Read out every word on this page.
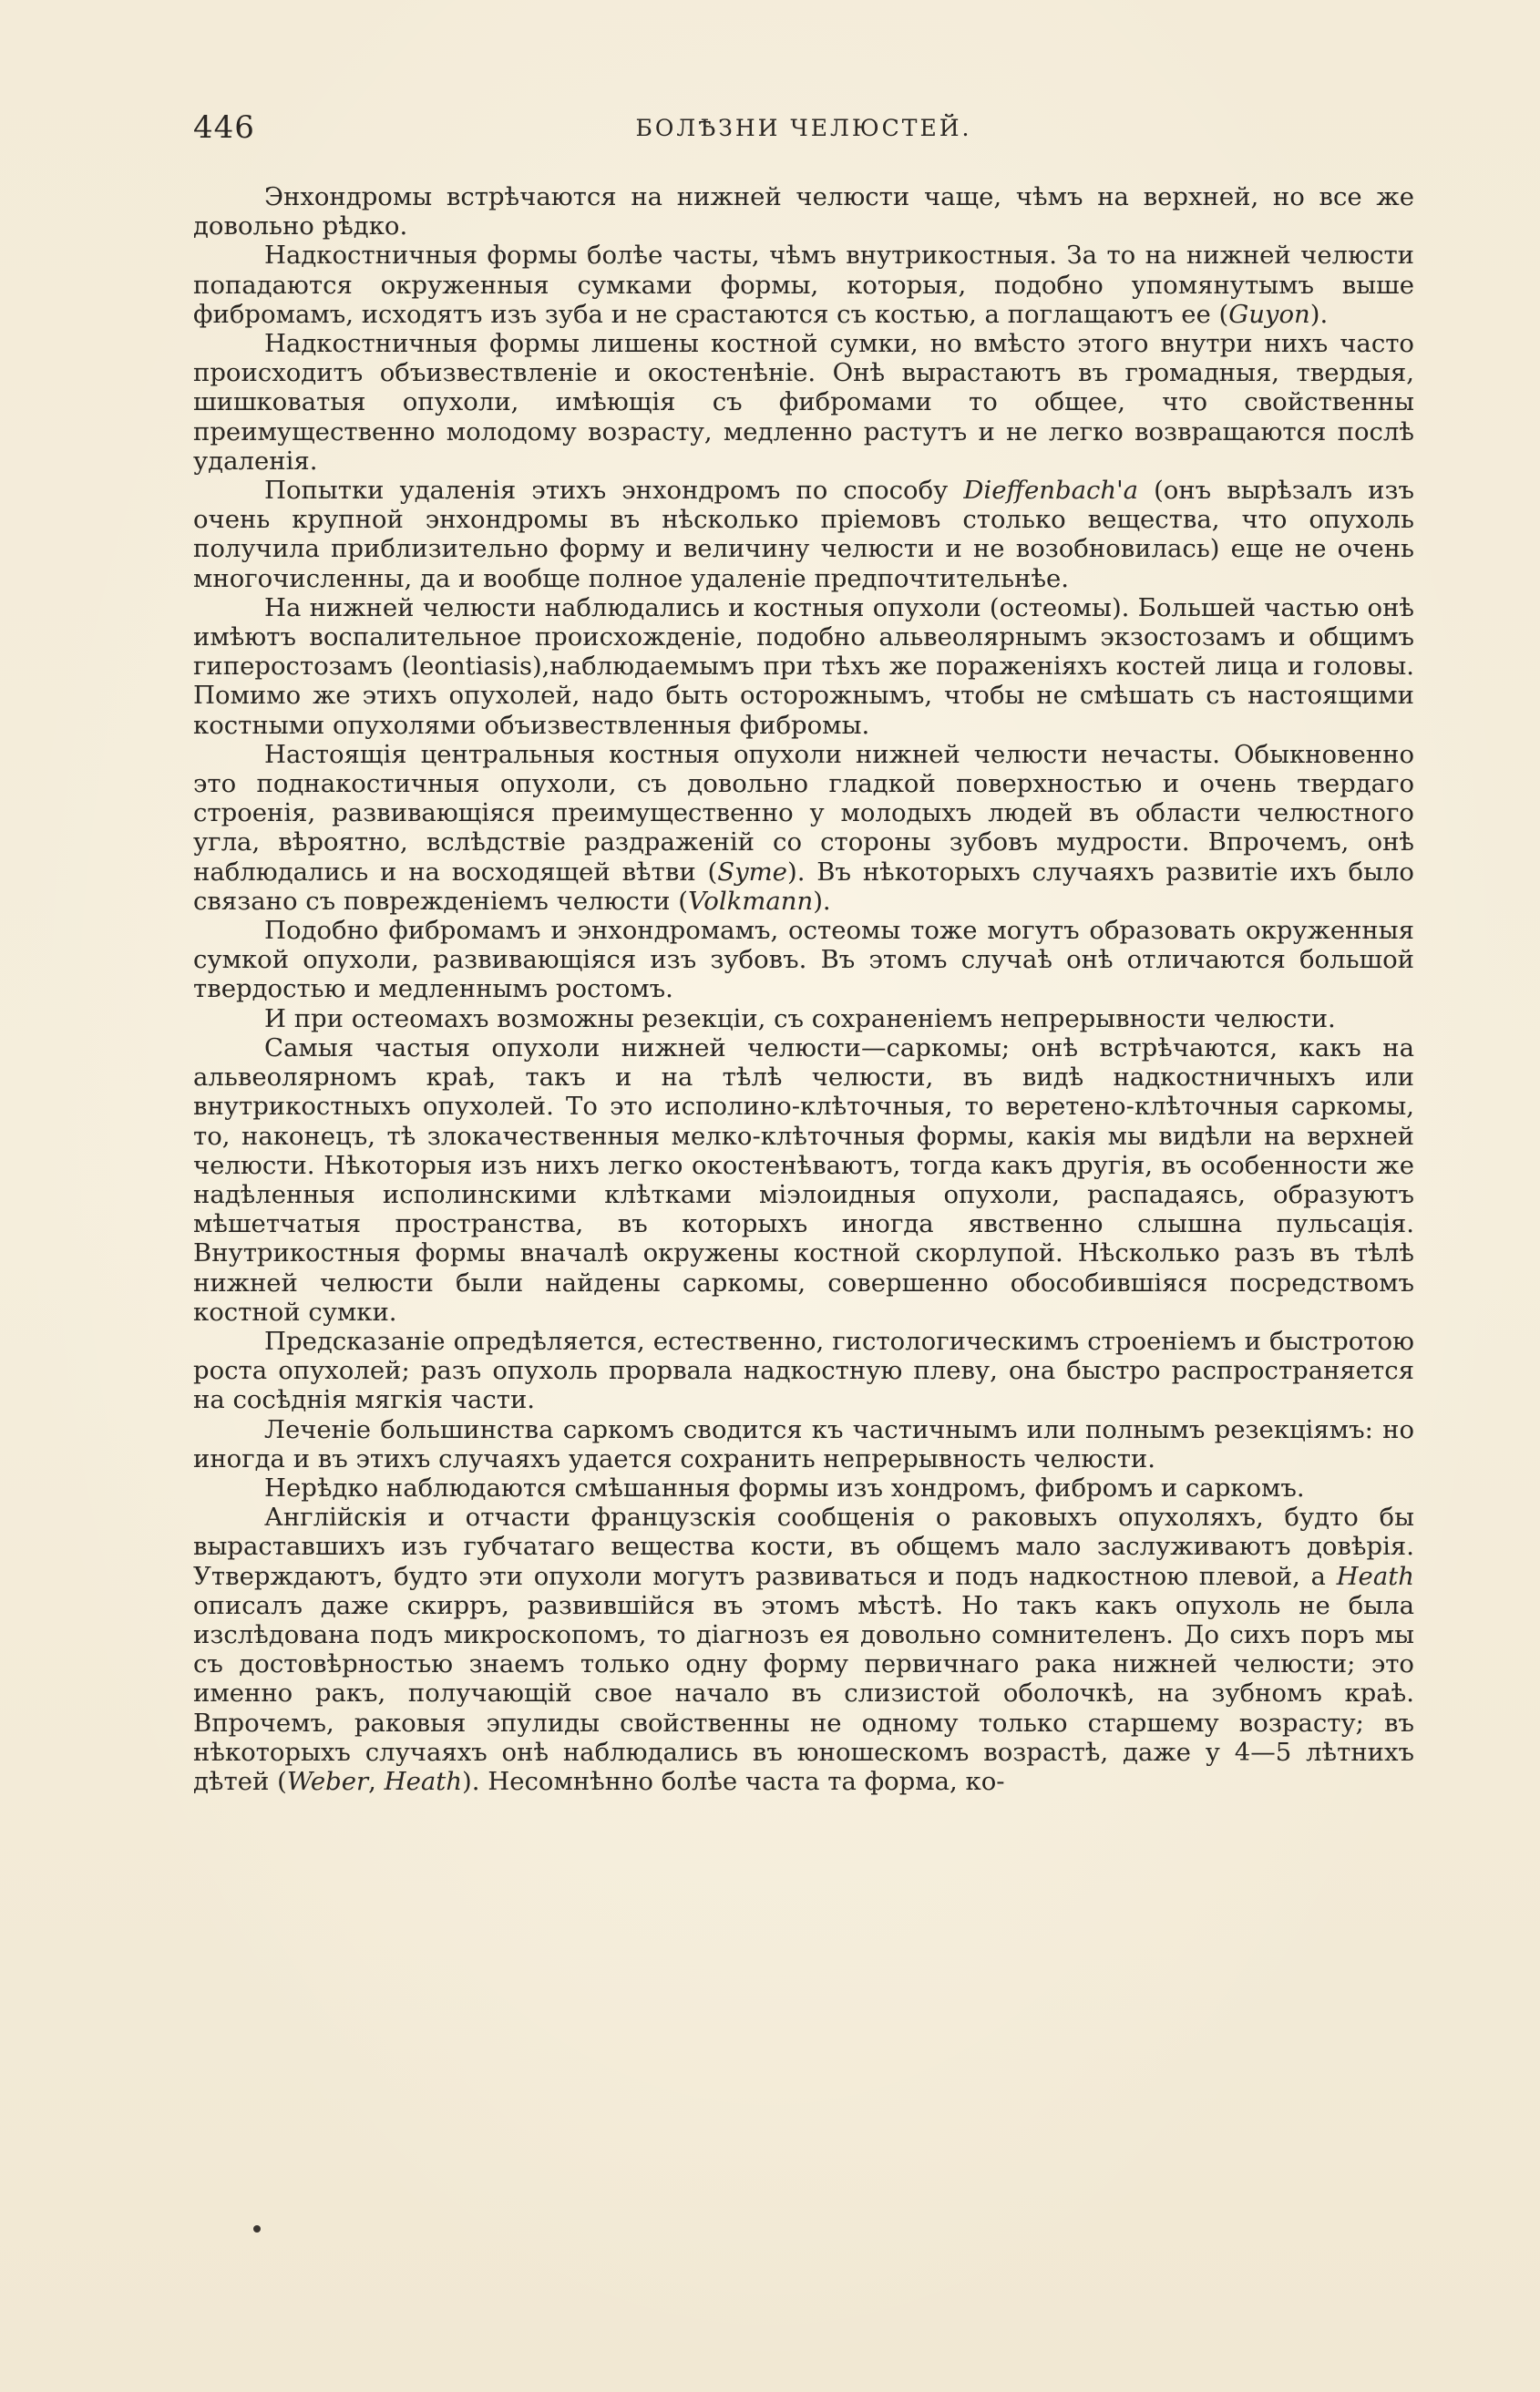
446	БОЛѢЗНИ ЧЕЛЮСТЕЙ.

Энхондромы встрѣчаются на нижней челюсти чаще, чѣмъ на верхней, но все же довольно рѣдко.

Надкостничныя формы болѣе часты, чѣмъ внутрикостныя. За то на нижней челюсти попадаются окруженныя сумками формы, которыя, подобно упомянутымъ выше фибромамъ, исходятъ изъ зуба и не срастаются съ костью, а поглащаютъ ее (Guyon).

Надкостничныя формы лишены костной сумки, но вмѣсто этого внутри нихъ часто происходитъ объизвествленіе и окостенѣніе. Онѣ вырастаютъ въ громадныя, твердыя, шишковатыя опухоли, имѣющія съ фибромами то общее, что свойственны преимущественно молодому возрасту, медленно растутъ и не легко возвращаются послѣ удаленія.

Попытки удаленія этихъ энхондромъ по способу Dieffenbach'a (онъ вырѣзалъ изъ очень крупной энхондромы въ нѣсколько пріемовъ столько вещества, что опухоль получила приблизительно форму и величину челюсти и не возобновилась) еще не очень многочисленны, да и вообще полное удаленіе предпочтительнѣе.

На нижней челюсти наблюдались и костныя опухоли (остеомы). Большей частью онѣ имѣютъ воспалительное происхожденіе, подобно альвеолярнымъ экзостозамъ и общимъ гиперостозамъ (leontiasis),наблюдаемымъ при тѣхъ же пораженіяхъ костей лица и головы. Помимо же этихъ опухолей, надо быть осторожнымъ, чтобы не смѣшать съ настоящими костными опухолями объизвествленныя фибромы.

Настоящія центральныя костныя опухоли нижней челюсти нечасты. Обыкновенно это поднакостичныя опухоли, съ довольно гладкой поверхностью и очень твердаго строенія, развивающіяся преимущественно у молодыхъ людей въ области челюстного угла, вѣроятно, вслѣдствіе раздраженій со стороны зубовъ мудрости. Впрочемъ, онѣ наблюдались и на восходящей вѣтви (Syme). Въ нѣкоторыхъ случаяхъ развитіе ихъ было связано съ поврежденіемъ челюсти (Volkmann).

Подобно фибромамъ и энхондромамъ, остеомы тоже могутъ образовать окруженныя сумкой опухоли, развивающіяся изъ зубовъ. Въ этомъ случаѣ онѣ отличаются большой твердостью и медленнымъ ростомъ.

И при остеомахъ возможны резекціи, съ сохраненіемъ непрерывности челюсти.

Самыя частыя опухоли нижней челюсти—саркомы; онѣ встрѣчаются, какъ на альвеолярномъ краѣ, такъ и на тѣлѣ челюсти, въ видѣ надкостничныхъ или внутрикостныхъ опухолей. То это исполино-клѣточныя, то веретено-клѣточныя саркомы, то, наконецъ, тѣ злокачественныя мелко-клѣточныя формы, какія мы видѣли на верхней челюсти. Нѣкоторыя изъ нихъ легко окостенѣваютъ, тогда какъ другія, въ особенности же надѣленныя исполинскими клѣтками міэлоидныя опухоли, распадаясь, образуютъ мѣшетчатыя пространства, въ которыхъ иногда явственно слышна пульсація. Внутрикостныя формы вначалѣ окружены костной скорлупой. Нѣсколько разъ въ тѣлѣ нижней челюсти были найдены саркомы, совершенно обособившіяся посредствомъ костной сумки.

Предсказаніе опредѣляется, естественно, гистологическимъ строеніемъ и быстротою роста опухолей; разъ опухоль прорвала надкостную плеву, она быстро распространяется на сосѣднія мягкія части.

Леченіе большинства саркомъ сводится къ частичнымъ или полнымъ резекціямъ: но иногда и въ этихъ случаяхъ удается сохранить непрерывность челюсти.

Нерѣдко наблюдаются смѣшанныя формы изъ хондромъ, фибромъ и саркомъ.

Англійскія и отчасти французскія сообщенія о раковыхъ опухоляхъ, будто бы выраставшихъ изъ губчатаго вещества кости, въ общемъ мало заслуживаютъ довѣрія. Утверждаютъ, будто эти опухоли могутъ развиваться и подъ надкостною плевой, а Heath описалъ даже скирръ, развившійся въ этомъ мѣстѣ. Но такъ какъ опухоль не была изслѣдована подъ микроскопомъ, то діагнозъ ея довольно сомнителенъ. До сихъ поръ мы съ достовѣрностью знаемъ только одну форму первичнаго рака нижней челюсти; это именно ракъ, получающій свое начало въ слизистой оболочкѣ, на зубномъ краѣ. Впрочемъ, раковыя эпулиды свойственны не одному только старшему возрасту; въ нѣкоторыхъ случаяхъ онѣ наблюдались въ юношескомъ возрастѣ, даже у 4—5 лѣтнихъ дѣтей (Weber, Heath). Несомнѣнно болѣе часта та форма, ко-
